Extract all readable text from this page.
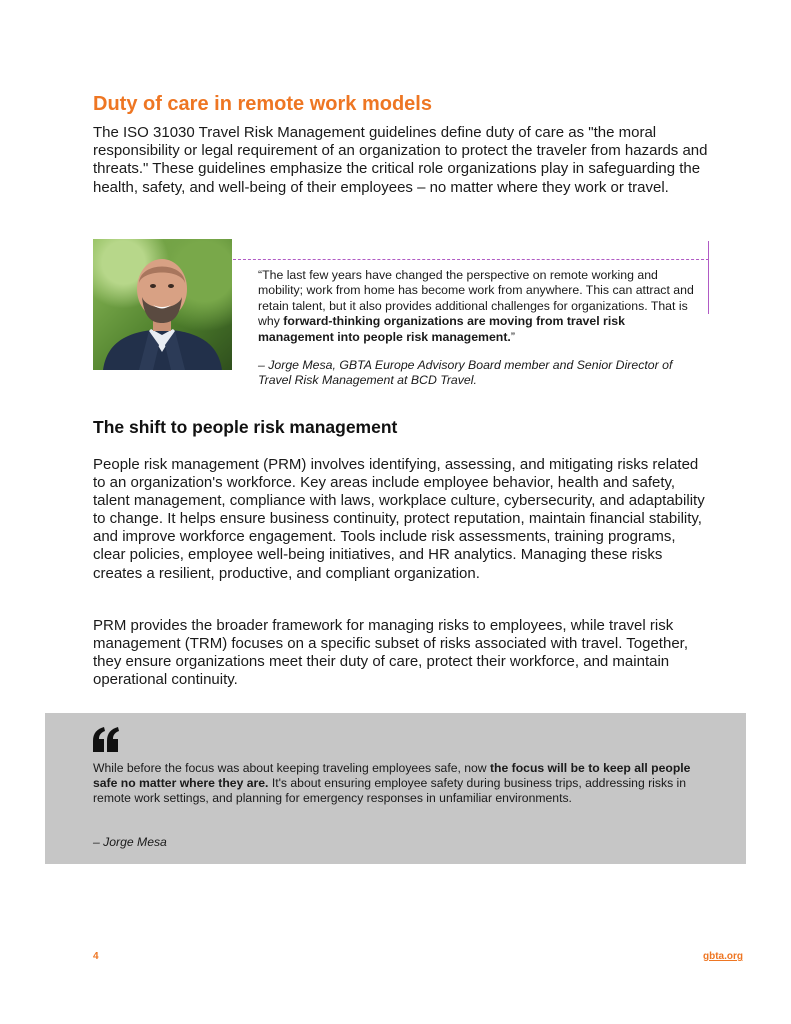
Duty of care in remote work models

The ISO 31030 Travel Risk Management guidelines define duty of care as "the moral responsibility or legal requirement of an organization to protect the traveler from hazards and threats." These guidelines emphasize the critical role organizations play in safeguarding the health, safety, and well-being of their employees – no matter where they work or travel.

“The last few years have changed the perspective on remote working and mobility; work from home has become work from anywhere. This can attract and retain talent, but it also provides additional challenges for organizations. That is why forward-thinking organizations are moving from travel risk management into people risk management.”

– Jorge Mesa, GBTA Europe Advisory Board member and Senior Director of Travel Risk Management at BCD Travel.

The shift to people risk management

People risk management (PRM) involves identifying, assessing, and mitigating risks related to an organization's workforce. Key areas include employee behavior, health and safety, talent management, compliance with laws, workplace culture, cybersecurity, and adaptability to change. It helps ensure business continuity, protect reputation, maintain financial stability, and improve workforce engagement. Tools include risk assessments, training programs, clear policies, employee well-being initiatives, and HR analytics. Managing these risks creates a resilient, productive, and compliant organization.

PRM provides the broader framework for managing risks to employees, while travel risk management (TRM) focuses on a specific subset of risks associated with travel. Together, they ensure organizations meet their duty of care, protect their workforce, and maintain operational continuity.

While before the focus was about keeping traveling employees safe, now the focus will be to keep all people safe no matter where they are. It's about ensuring employee safety during business trips, addressing risks in remote work settings, and planning for emergency responses in unfamiliar environments.

– Jorge Mesa

4	gbta.org
